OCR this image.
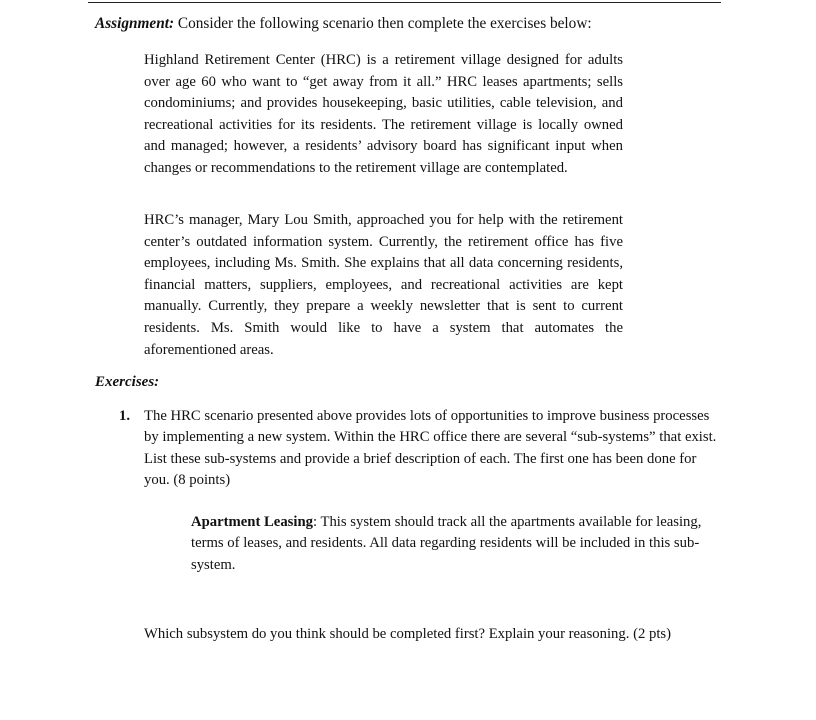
Assignment: Consider the following scenario then complete the exercises below:
Highland Retirement Center (HRC) is a retirement village designed for adults over age 60 who want to “get away from it all.” HRC leases apartments; sells condominiums; and provides housekeeping, basic utilities, cable television, and recreational activities for its residents. The retirement village is locally owned and managed; however, a residents’ advisory board has significant input when changes or recommendations to the retirement village are contemplated.
HRC’s manager, Mary Lou Smith, approached you for help with the retirement center’s outdated information system. Currently, the retirement office has five employees, including Ms. Smith. She explains that all data concerning residents, financial matters, suppliers, employees, and recreational activities are kept manually. Currently, they prepare a weekly newsletter that is sent to current residents. Ms. Smith would like to have a system that automates the aforementioned areas.
Exercises:
1. The HRC scenario presented above provides lots of opportunities to improve business processes by implementing a new system. Within the HRC office there are several “sub-systems” that exist. List these sub-systems and provide a brief description of each. The first one has been done for you. (8 points)
Apartment Leasing: This system should track all the apartments available for leasing, terms of leases, and residents. All data regarding residents will be included in this sub-system.
Which subsystem do you think should be completed first? Explain your reasoning. (2 pts)
